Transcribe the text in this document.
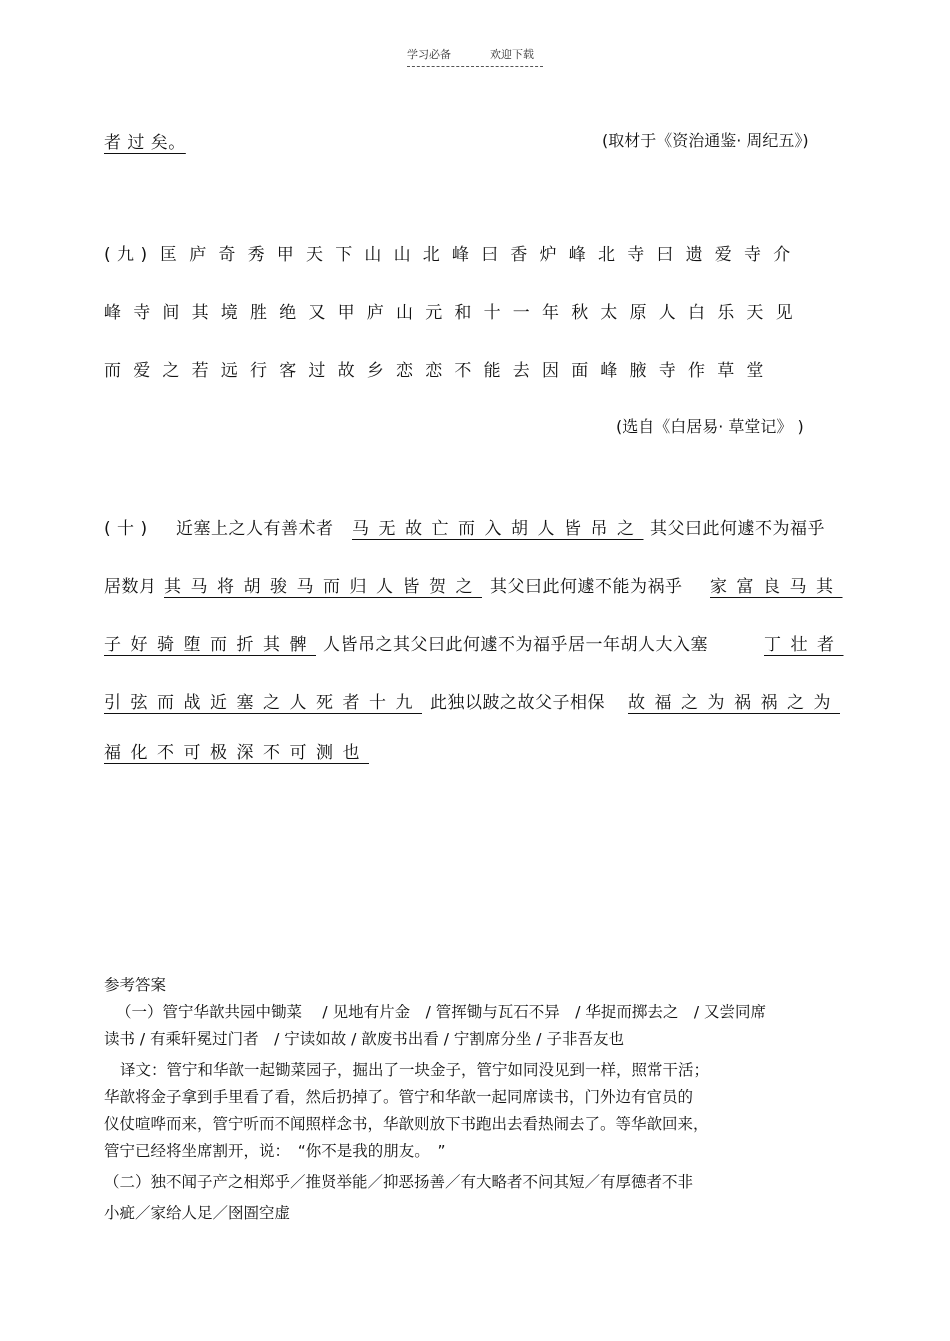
学习必备	欢迎下载
者 过 矣。	(取材于《资治通鉴· 周纪五》)
( 九 ) 匡庐奇秀甲天下山山北峰曰香炉峰北寺曰遗爱寺介
峰寺间其境胜绝又甲庐山元和十一年秋太原人白乐天见
而爱之若远行客过故乡恋恋不能去因面峰腋寺作草堂
(选自《白居易· 草堂记》 )
( 十 ) 近塞上之人有善术者 马无故亡而入胡人皆吊之 其父曰此何遽不为福乎
居数月 其马将胡骏马而归人皆贺之 其父曰此何遽不能为祸乎 家富良马其
子好骑堕而折其髀 人皆吊之其父曰此何遽不为福乎居一年胡人大入塞	丁壮者
引弦而战近塞之人死者十九 此独以跛之故父子相保 故福之为祸祸之为
福化不可极深不可测也
参考答案
（一）管宁华歆共园中锄菜　 / 见地有片金　/ 管挥锄与瓦石不异　/ 华捉而掷去之　/ 又尝同席
读书 / 有乘轩冕过门者　/ 宁读如故 / 歆废书出看 / 宁割席分坐 / 子非吾友也
译文：管宁和华歆一起锄菜园子，掘出了一块金子，管宁如同没见到一样，照常干活；
华歆将金子拿到手里看了看，然后扔掉了。管宁和华歆一起同席读书，门外边有官员的
仪仗喧哗而来，管宁听而不闻照样念书，华歆则放下书跑出去看热闹去了。等华歆回来，
管宁已经将坐席割开，说：　“你不是我的朋友。　”
（二）独不闻子产之相郑乎／推贤举能／抑恶扬善／有大略者不问其短／有厚德者不非
小疵／家给人足／囹圄空虚
